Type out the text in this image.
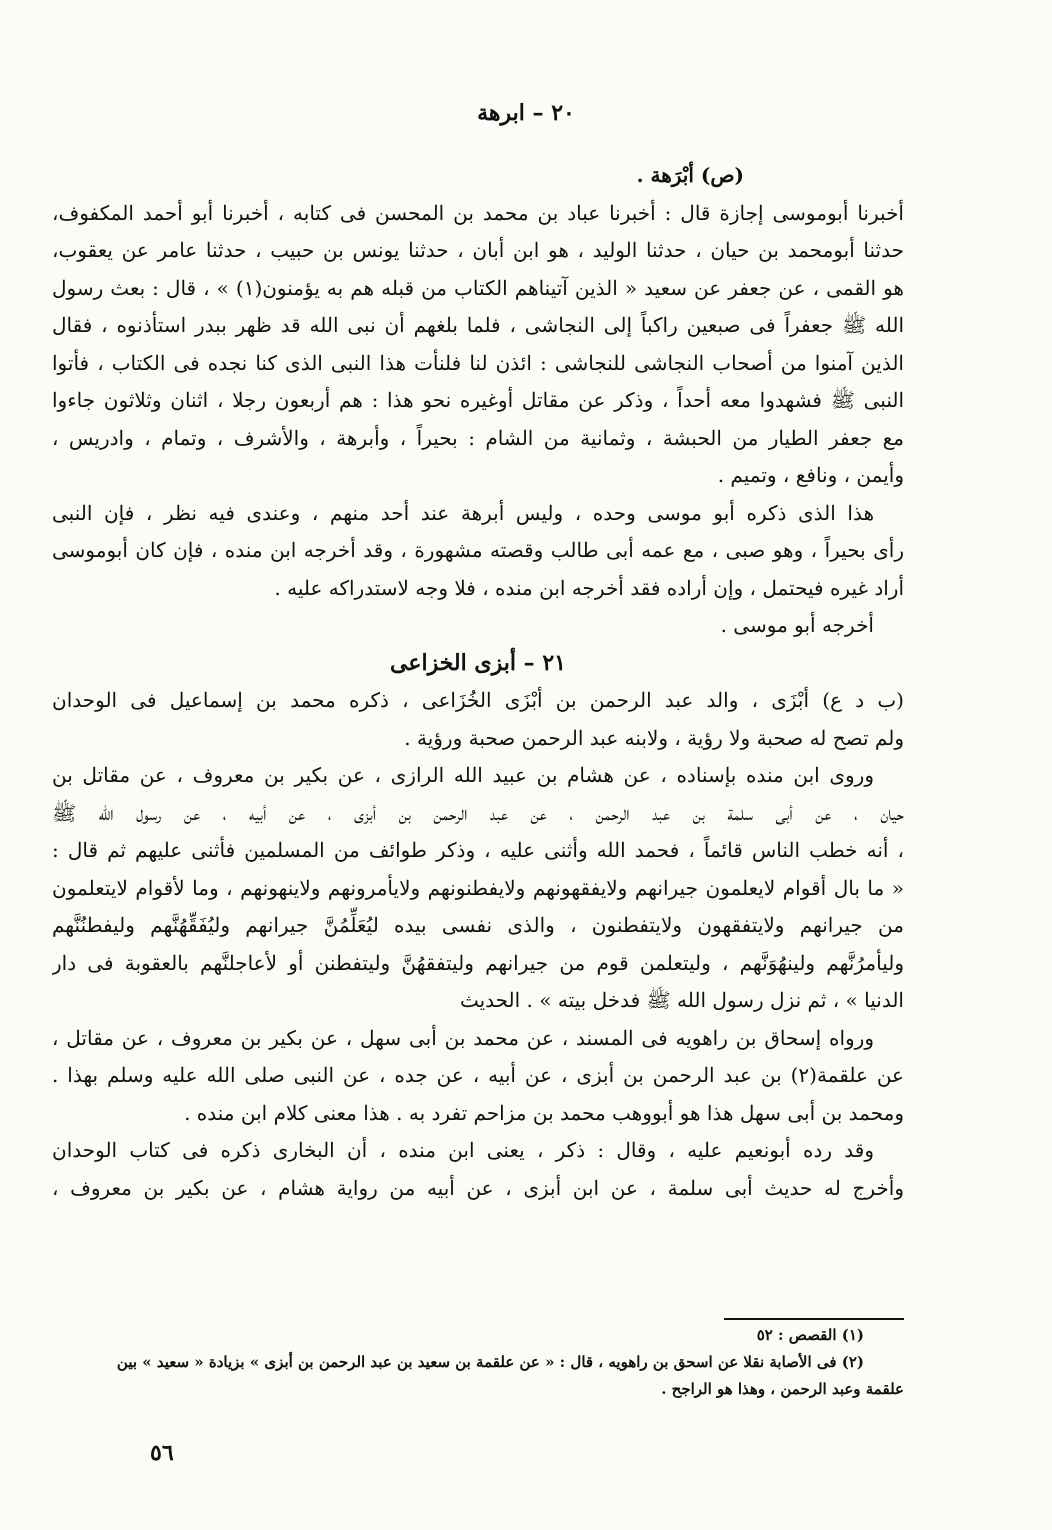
٢٠ – ابرهة
(ص) أبْرَهة .
أخبرنا أبوموسى إجازة قال : أخبرنا عباد بن محمد بن المحسن فى كتابه ، أخبرنا أبو أحمد المكفوف،
حدثنا أبومحمد بن حيان ، حدثنا الوليد ، هو ابن أبان ، حدثنا يونس بن حبيب ، حدثنا عامر عن يعقوب،
هو القمى ، عن جعفر عن سعيد « الذين آتيناهم الكتاب من قبله هم به يؤمنون(١) » ، قال : بعث رسول
الله ﷺ جعفراً فى صبعين راكباً إلى النجاشى ، فلما بلغهم أن نبى الله قد ظهر ببدر استأذنوه ، فقال
الذين آمنوا من أصحاب النجاشى للنجاشى : ائذن لنا فلنأت هذا النبى الذى كنا نجده فى الكتاب ، فأتوا
النبى ﷺ فشهدوا معه أحداً ، وذكر عن مقاتل أوغيره نحو هذا : هم أربعون رجلا ، اثنان وثلاثون جاءوا
مع جعفر الطيار من الحبشة ، وثمانية من الشام : بحيراً ، وأبرهة ، والأشرف ، وتمام ، وادريس ،
وأيمن ، ونافع ، وتميم .
هذا الذى ذكره أبو موسى وحده ، وليس أبرهة عند أحد منهم ، وعندى فيه نظر ، فإن النبى
رأى بحيراً ، وهو صبى ، مع عمه أبى طالب وقصته مشهورة ، وقد أخرجه ابن منده ، فإن كان أبوموسى
أراد غيره فيحتمل ، وإن أراده فقد أخرجه ابن منده ، فلا وجه لاستدراكه عليه .
أخرجه أبو موسى .
٢١ – أبزى الخزاعى
(ب د ع) أبْزَى ، والد عبد الرحمن بن أبْزَى الخُزَاعى ، ذكره محمد بن إسماعيل فى الوحدان
ولم تصح له صحبة ولا رؤية ، ولابنه عبد الرحمن صحبة ورؤية .
وروى ابن منده بإسناده ، عن هشام بن عبيد الله الرازى ، عن بكير بن معروف ، عن مقاتل بن
حيان ، عن أبى سلمة بن عبد الرحمن ، عن عبد الرحمن بن أبزى ، عن أبيه ، عن رسول الله ﷺ
، أنه خطب الناس قائماً ، فحمد الله وأثنى عليه ، وذكر طوائف من المسلمين فأثنى عليهم ثم قال :
« ما بال أقوام لايعلمون جيرانهم ولايفقهونهم ولايفطنونهم ولايأمرونهم ولاينهونهم ، وما لأقوام لايتعلمون
من جيرانهم ولايتفقهون ولايتفطنون ، والذى نفسى بيده ليُعَلِّمُنَّ جيرانهم وليُفَقِّهُنَّهم وليفطنُنَّهم
وليأمرُنَّهم ولينهُوَنَّهم ، وليتعلمن قوم من جيرانهم وليتفقهُنَّ وليتفطنن أو لأعاجلنَّهم بالعقوبة فى دار
الدنيا » ، ثم نزل رسول الله ﷺ فدخل بيته » . الحديث
ورواه إسحاق بن راهويه فى المسند ، عن محمد بن أبى سهل ، عن بكير بن معروف ، عن مقاتل ،
عن علقمة(٢) بن عبد الرحمن بن أبزى ، عن أبيه ، عن جده ، عن النبى صلى الله عليه وسلم بهذا .
ومحمد بن أبى سهل هذا هو أبووهب محمد بن مزاحم تفرد به . هذا معنى كلام ابن منده .
وقد رده أبونعيم عليه ، وقال : ذكر ، يعنى ابن منده ، أن البخارى ذكره فى كتاب الوحدان
وأخرج له حديث أبى سلمة ، عن ابن أبزى ، عن أبيه من رواية هشام ، عن بكير بن معروف ،
(١) القصص : ٥٢
(٢) فى الأصابة نقلا عن اسحق بن راهويه ، قال : « عن علقمة بن سعيد بن عبد الرحمن بن أبزى » بزيادة « سعيد » بين
علقمة وعبد الرحمن ، وهذا هو الراجح .
٥٦
